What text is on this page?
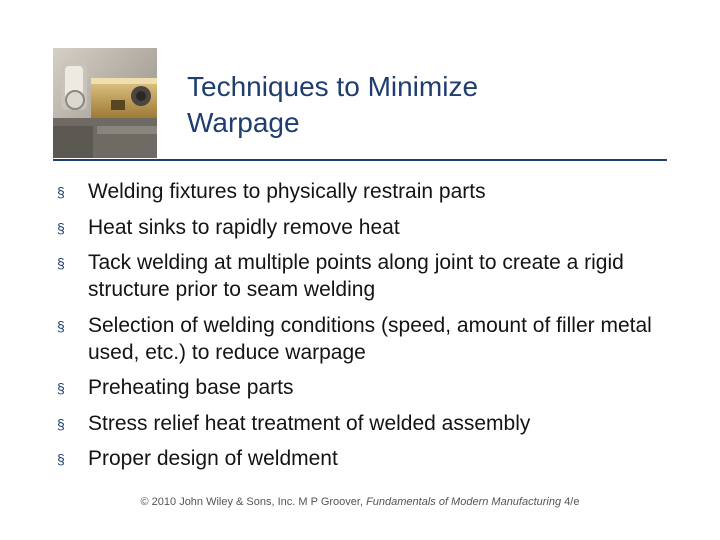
Techniques to Minimize
Warpage
§ Welding fixtures to physically restrain parts
§ Heat sinks to rapidly remove heat
§ Tack welding at multiple points along joint to create a rigid structure prior to seam welding
§ Selection of welding conditions (speed, amount of filler metal used, etc.) to reduce warpage
§ Preheating base parts
§ Stress relief heat treatment of welded assembly
§ Proper design of weldment
© 2010 John Wiley & Sons, Inc. M P Groover, Fundamentals of Modern Manufacturing 4/e
